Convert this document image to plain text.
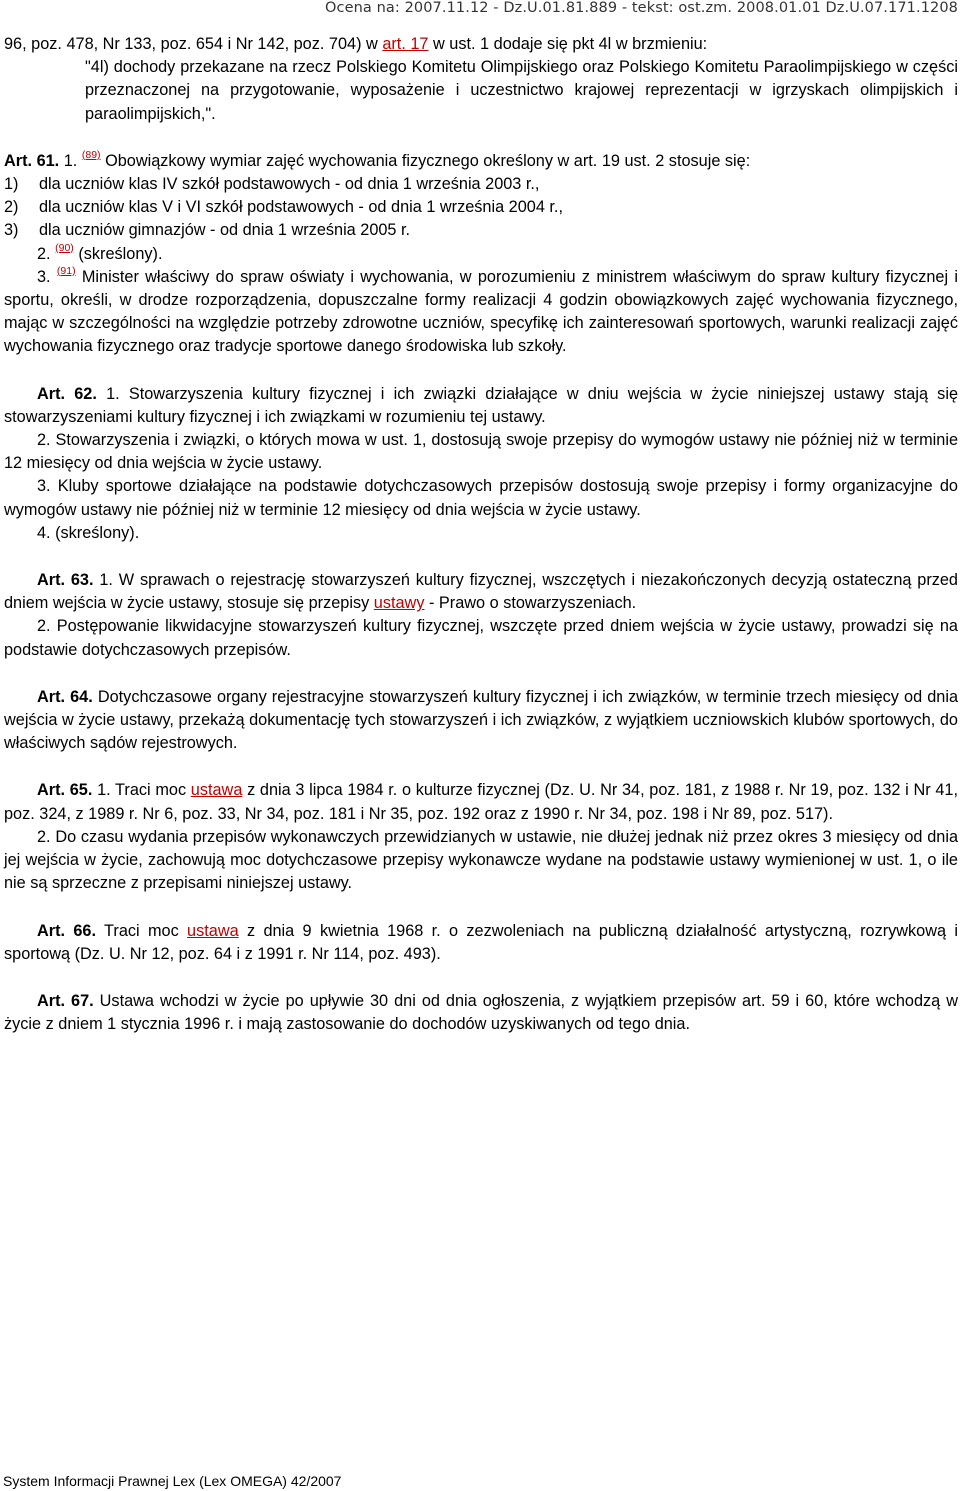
Ocena na: 2007.11.12 - Dz.U.01.81.889 - tekst: ost.zm. 2008.01.01 Dz.U.07.171.1208

96, poz. 478, Nr 133, poz. 654 i Nr 142, poz. 704) w art. 17 w ust. 1 dodaje się pkt 4l w brzmieniu:

"4l) dochody przekazane na rzecz Polskiego Komitetu Olimpijskiego oraz Polskiego Komitetu Paraolimpijskiego w części przeznaczonej na przygotowanie, wyposażenie i uczestnictwo krajowej reprezentacji w igrzyskach olimpijskich i paraolimpijskich,".

Art. 61. 1. $^{(89)}$ Obowiązkowy wymiar zajęć wychowania fizycznego określony w art. 19 ust. 2 stosuje się:

1) dla uczniów klas IV szkół podstawowych - od dnia 1 września 2003 r.,

2) dla uczniów klas V i VI szkół podstawowych - od dnia 1 września 2004 r.,

3) dla uczniów gimnazjów - od dnia 1 września 2005 r.

2. $^{(90)}$ (skreślony).

3. $^{(91)}$ Minister właściwy do spraw oświaty i wychowania, w porozumieniu z ministrem właściwym do spraw kultury fizycznej i sportu, określi, w drodze rozporządzenia, dopuszczalne formy realizacji 4 godzin obowiązkowych zajęć wychowania fizycznego, mając w szczególności na względzie potrzeby zdrowotne uczniów, specyfikę ich zainteresowań sportowych, warunki realizacji zajęć wychowania fizycznego oraz tradycje sportowe danego środowiska lub szkoły.

Art. 62. 1. Stowarzyszenia kultury fizycznej i ich związki działające w dniu wejścia w życie niniejszej ustawy stają się stowarzyszeniami kultury fizycznej i ich związkami w rozumieniu tej ustawy.

2. Stowarzyszenia i związki, o których mowa w ust. 1, dostosują swoje przepisy do wymogów ustawy nie później niż w terminie 12 miesięcy od dnia wejścia w życie ustawy.

3. Kluby sportowe działające na podstawie dotychczasowych przepisów dostosują swoje przepisy i formy organizacyjne do wymogów ustawy nie później niż w terminie 12 miesięcy od dnia wejścia w życie ustawy.

4. (skreślony).

Art. 63. 1. W sprawach o rejestrację stowarzyszeń kultury fizycznej, wszczętych i niezakończonych decyzją ostateczną przed dniem wejścia w życie ustawy, stosuje się przepisy ustawy - Prawo o stowarzyszeniach.

2. Postępowanie likwidacyjne stowarzyszeń kultury fizycznej, wszczęte przed dniem wejścia w życie ustawy, prowadzi się na podstawie dotychczasowych przepisów.

Art. 64. Dotychczasowe organy rejestracyjne stowarzyszeń kultury fizycznej i ich związków, w terminie trzech miesięcy od dnia wejścia w życie ustawy, przekażą dokumentację tych stowarzyszeń i ich związków, z wyjątkiem uczniowskich klubów sportowych, do właściwych sądów rejestrowych.

Art. 65. 1. Traci moc ustawa z dnia 3 lipca 1984 r. o kulturze fizycznej (Dz. U. Nr 34, poz. 181, z 1988 r. Nr 19, poz. 132 i Nr 41, poz. 324, z 1989 r. Nr 6, poz. 33, Nr 34, poz. 181 i Nr 35, poz. 192 oraz z 1990 r. Nr 34, poz. 198 i Nr 89, poz. 517).

2. Do czasu wydania przepisów wykonawczych przewidzianych w ustawie, nie dłużej jednak niż przez okres 3 miesięcy od dnia jej wejścia w życie, zachowują moc dotychczasowe przepisy wykonawcze wydane na podstawie ustawy wymienionej w ust. 1, o ile nie są sprzeczne z przepisami niniejszej ustawy.

Art. 66. Traci moc ustawa z dnia 9 kwietnia 1968 r. o zezwoleniach na publiczną działalność artystyczną, rozrywkową i sportową (Dz. U. Nr 12, poz. 64 i z 1991 r. Nr 114, poz. 493).

Art. 67. Ustawa wchodzi w życie po upływie 30 dni od dnia ogłoszenia, z wyjątkiem przepisów art. 59 i 60, które wchodzą w życie z dniem 1 stycznia 1996 r. i mają zastosowanie do dochodów uzyskiwanych od tego dnia.

System Informacji Prawnej Lex (Lex OMEGA) 42/2007
